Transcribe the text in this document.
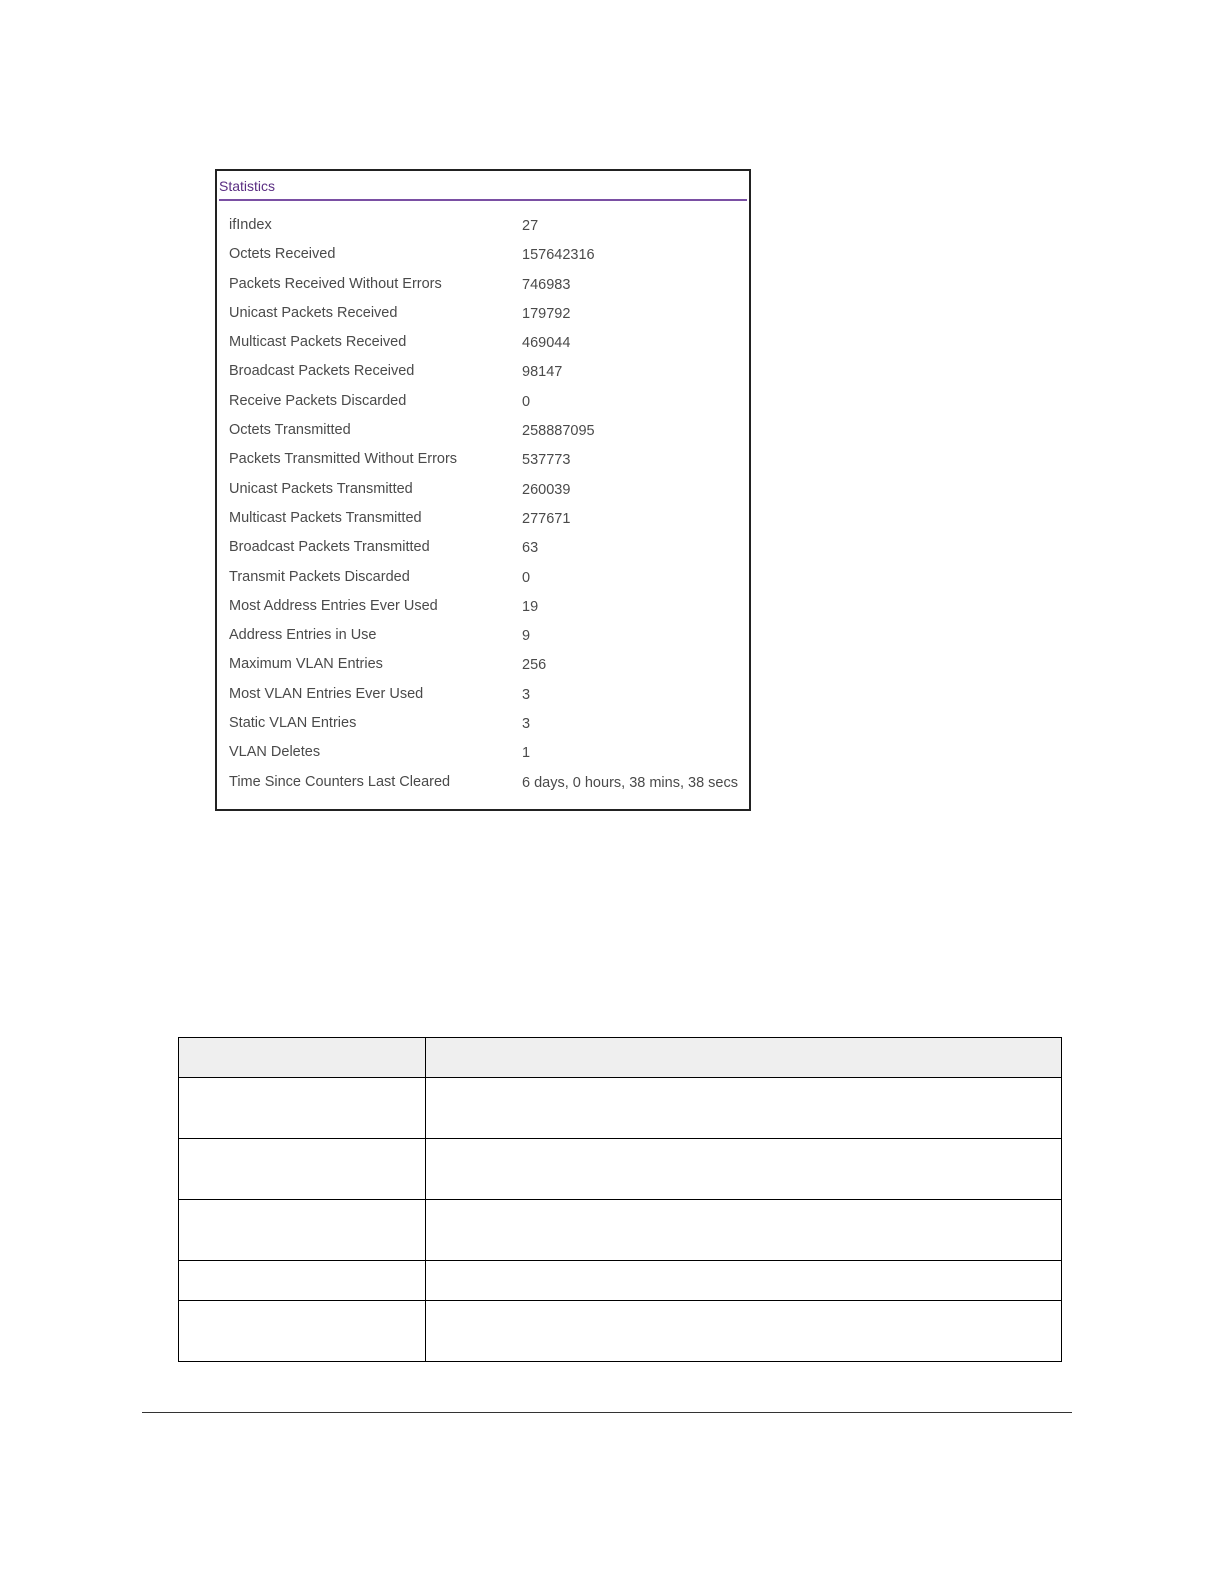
Statistics
ifIndex	27
Octets Received	157642316
Packets Received Without Errors	746983
Unicast Packets Received	179792
Multicast Packets Received	469044
Broadcast Packets Received	98147
Receive Packets Discarded	0
Octets Transmitted	258887095
Packets Transmitted Without Errors	537773
Unicast Packets Transmitted	260039
Multicast Packets Transmitted	277671
Broadcast Packets Transmitted	63
Transmit Packets Discarded	0
Most Address Entries Ever Used	19
Address Entries in Use	9
Maximum VLAN Entries	256
Most VLAN Entries Ever Used	3
Static VLAN Entries	3
VLAN Deletes	1
Time Since Counters Last Cleared	6 days, 0 hours, 38 mins, 38 secs
